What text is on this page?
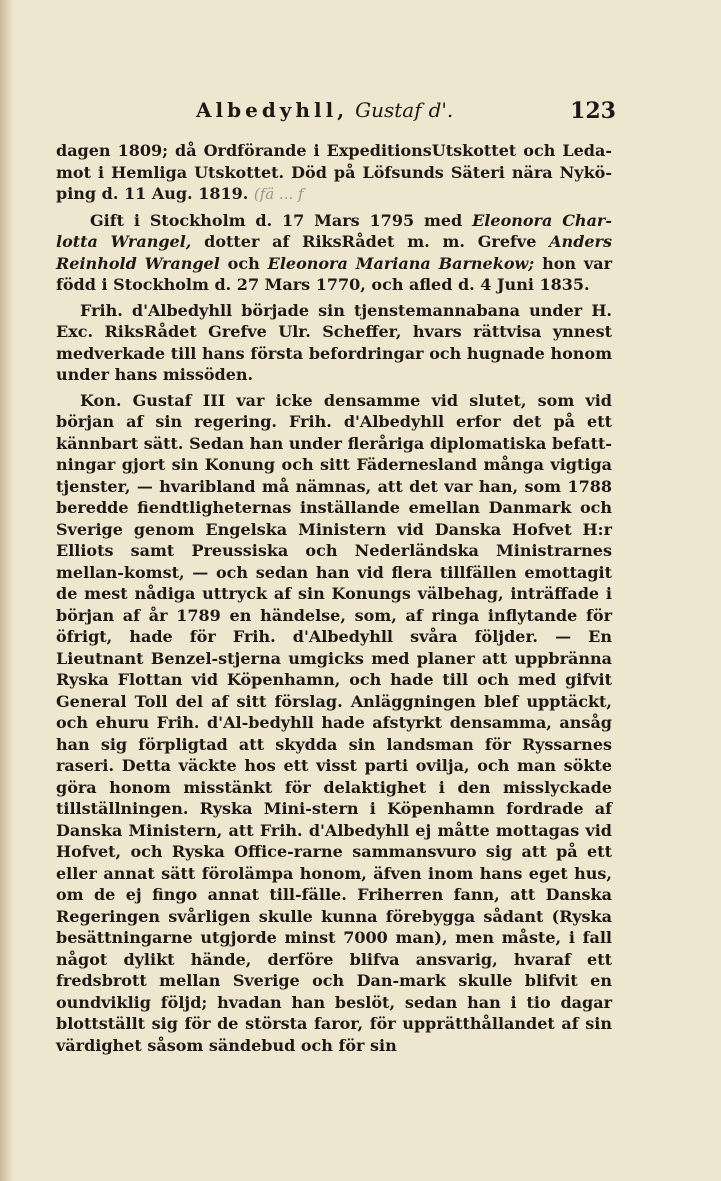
Albedyhll, Gustaf d'.	123

dagen 1809; då Ordförande i ExpeditionsUtskottet och Leda-mot i Hemliga Utskottet. Död på Löfsunds Säteri nära Nykö-ping d. 11 Aug. 1819. (fä ... f

Gift i Stockholm d. 17 Mars 1795 med Eleonora Char-lotta Wrangel, dotter af RiksRådet m. m. Grefve Anders Reinhold Wrangel och Eleonora Mariana Barnekow; hon var född i Stockholm d. 27 Mars 1770, och afled d. 4 Juni 1835.

Frih. d'Albedyhll började sin tjenstemannabana under H. Exc. RiksRådet Grefve Ulr. Scheffer, hvars rättvisa ynnest medverkade till hans första befordringar och hugnade honom under hans missöden.

Kon. Gustaf III var icke densamme vid slutet, som vid början af sin regering. Frih. d'Albedyhll erfor det på ett kännbart sätt. Sedan han under fleråriga diplomatiska befatt-ningar gjort sin Konung och sitt Fädernesland många vigtiga tjenster, — hvaribland må nämnas, att det var han, som 1788 beredde fiendtligheternas inställande emellan Danmark och Sverige genom Engelska Ministern vid Danska Hofvet H:r Elliots samt Preussiska och Nederländska Ministrarnes mellan-komst, — och sedan han vid flera tillfällen emottagit de mest nådiga uttryck af sin Konungs välbehag, inträffade i början af år 1789 en händelse, som, af ringa inflytande för öfrigt, hade för Frih. d'Albedyhll svåra följder. — En Lieutnant Benzel-stjerna umgicks med planer att uppbränna Ryska Flottan vid Köpenhamn, och hade till och med gifvit General Toll del af sitt förslag. Anläggningen blef upptäckt, och ehuru Frih. d'Al-bedyhll hade afstyrkt densamma, ansåg han sig förpligtad att skydda sin landsman för Ryssarnes raseri. Detta väckte hos ett visst parti ovilja, och man sökte göra honom misstänkt för delaktighet i den misslyckade tillställningen. Ryska Mini-stern i Köpenhamn fordrade af Danska Ministern, att Frih. d'Albedyhll ej måtte mottagas vid Hofvet, och Ryska Office-rarne sammansvuro sig att på ett eller annat sätt förolämpa honom, äfven inom hans eget hus, om de ej fingo annat till-fälle. Friherren fann, att Danska Regeringen svårligen skulle kunna förebygga sådant (Ryska besättningarne utgjorde minst 7000 man), men måste, i fall något dylikt hände, derföre blifva ansvarig, hvaraf ett fredsbrott mellan Sverige och Dan-mark skulle blifvit en oundviklig följd; hvadan han beslöt, sedan han i tio dagar blottställt sig för de största faror, för upprätthållandet af sin värdighet såsom sändebud och för sin
